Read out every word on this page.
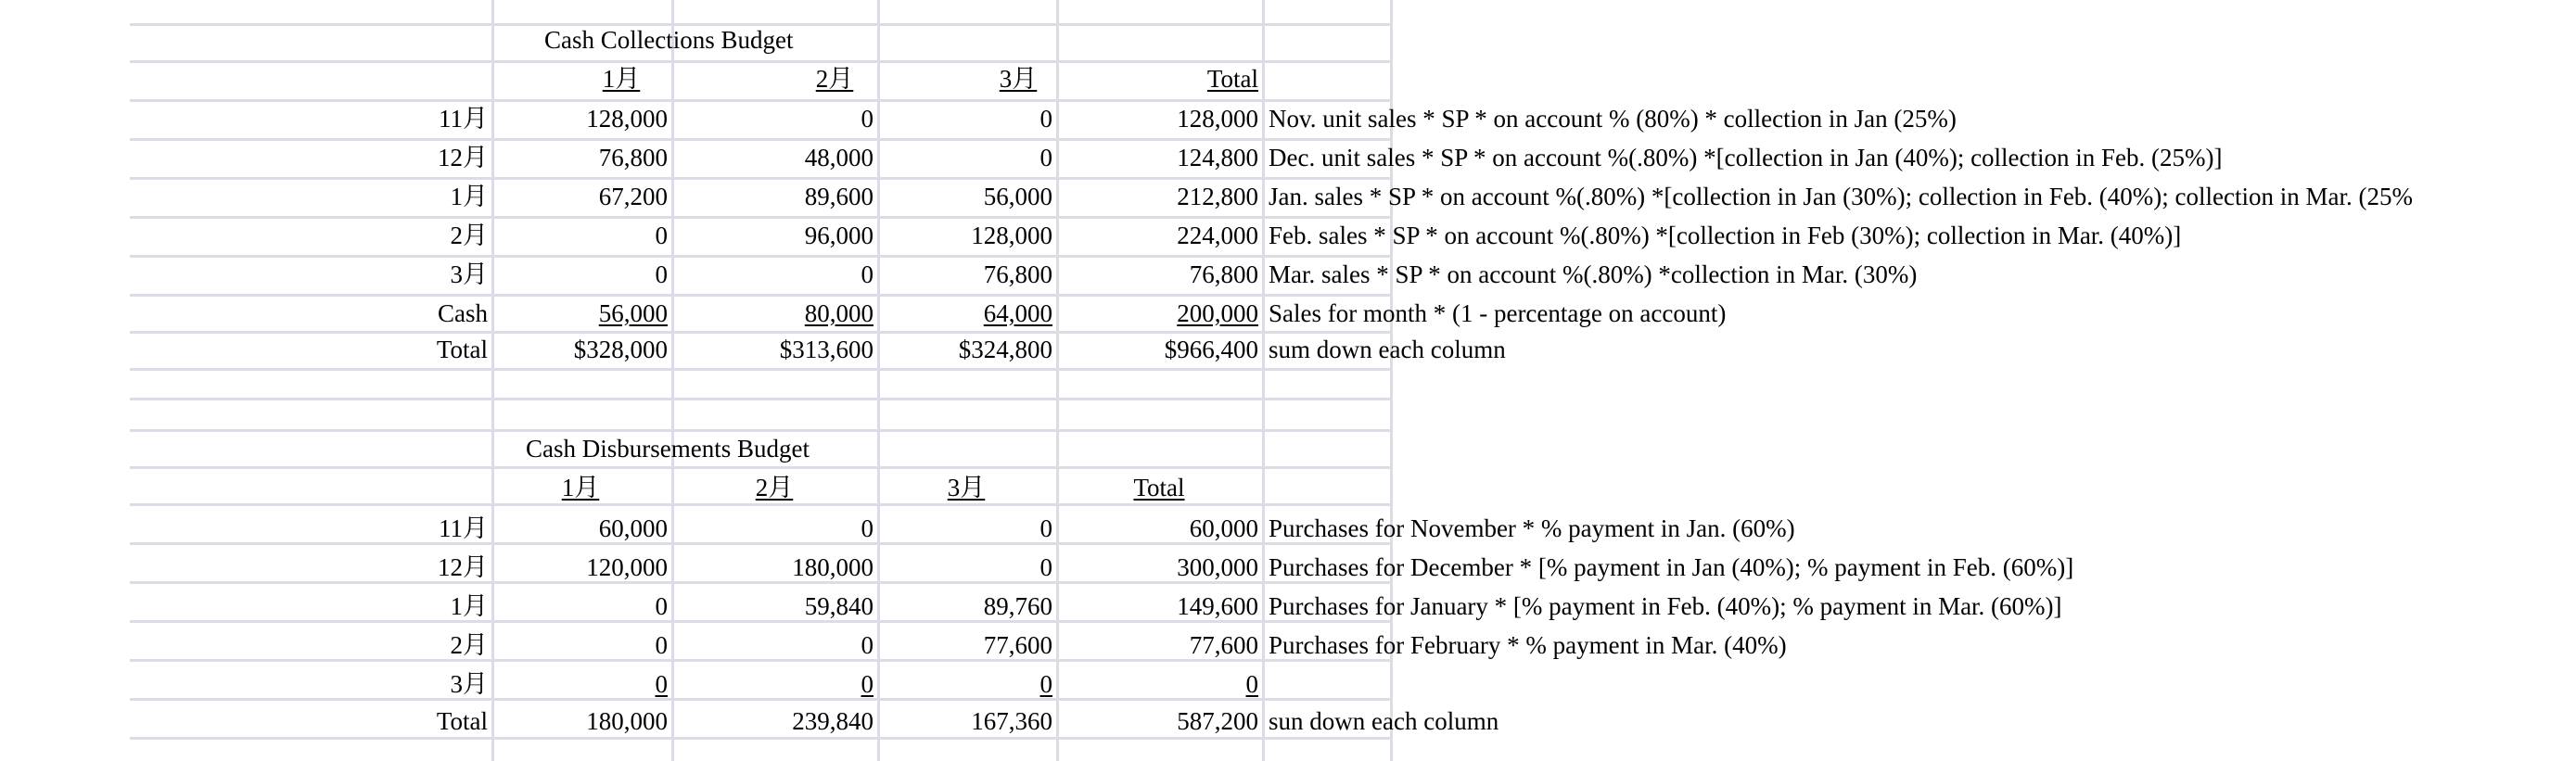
Cash Collections Budget
1月	2月	3月	Total
11月	128,000	0	0	128,000 Nov. unit sales * SP * on account % (80%) * collection in Jan (25%)
12月	76,800	48,000	0	124,800 Dec. unit sales * SP * on account %(.80%) *[collection in Jan (40%); collection in Feb. (25%)]
1月	67,200	89,600	56,000	212,800 Jan. sales * SP * on account %(.80%) *[collection in Jan (30%); collection in Feb. (40%); collection in Mar. (25%
2月	0	96,000	128,000	224,000 Feb. sales * SP * on account %(.80%) *[collection in Feb (30%); collection in Mar. (40%)]
3月	0	0	76,800	76,800 Mar. sales * SP * on account %(.80%) *collection in Mar. (30%)
Cash	56,000	80,000	64,000	200,000 Sales for month * (1 - percentage on account)
Total	$328,000	$313,600	$324,800	$966,400 sum down each column
Cash Disbursements Budget
1月	2月	3月	Total
11月	60,000	0	0	60,000 Purchases for November * % payment in Jan. (60%)
12月	120,000	180,000	0	300,000 Purchases for December * [% payment in Jan (40%); % payment in Feb. (60%)]
1月	0	59,840	89,760	149,600 Purchases for January * [% payment in Feb. (40%); % payment in Mar. (60%)]
2月	0	0	77,600	77,600 Purchases for February * % payment in Mar. (40%)
3月	0	0	0	0
Total	180,000	239,840	167,360	587,200 sun down each column
